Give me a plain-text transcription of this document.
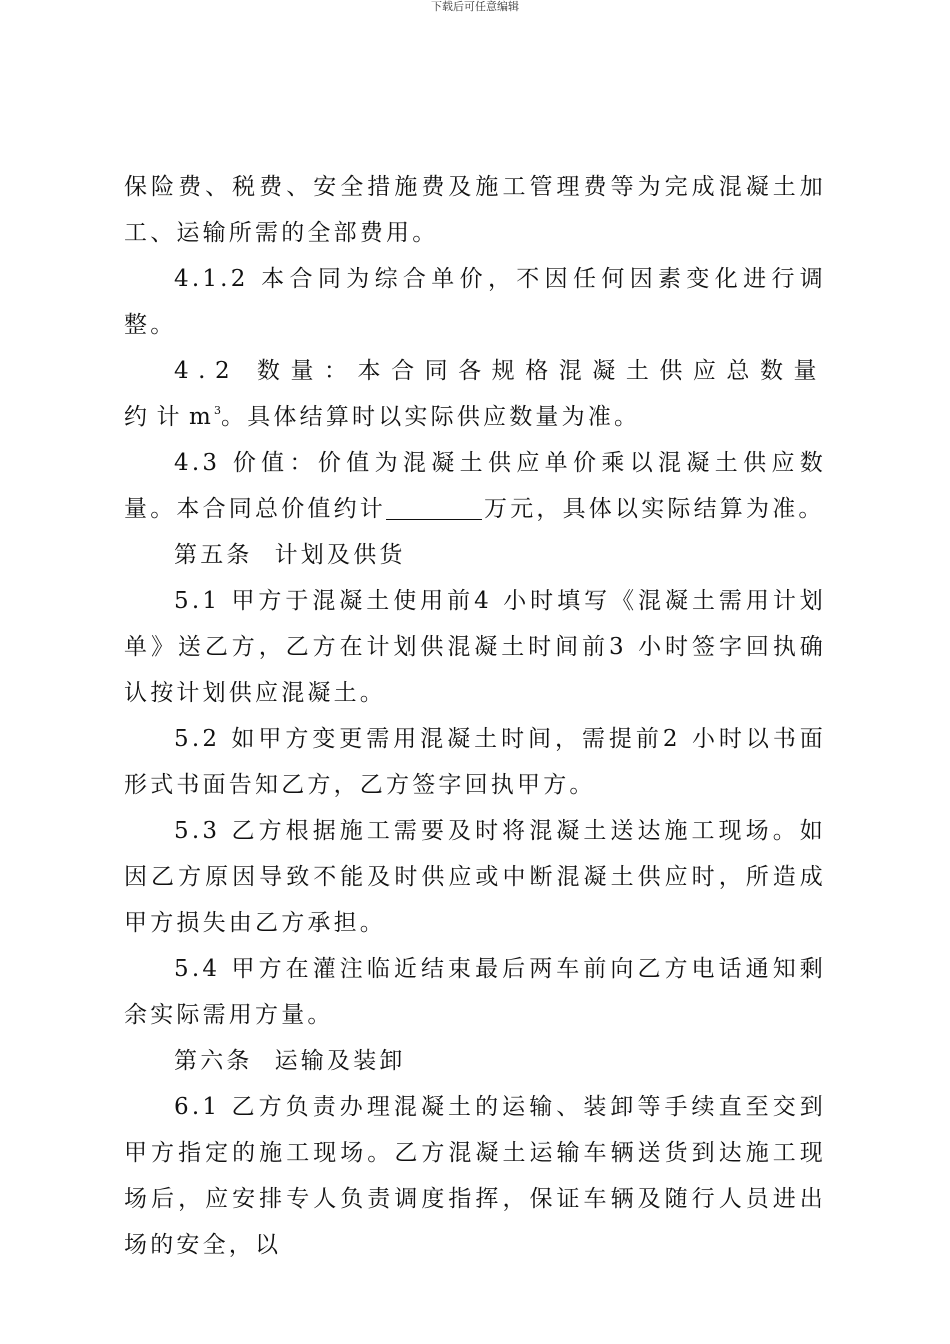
下载后可任意编辑

保险费、税费、安全措施费及施工管理费等为完成混凝土加工、运输所需的全部费用。

4.1.2 本合同为综合单价，不因任何因素变化进行调整。

4.2 数量：本合同各规格混凝土供应总数量约计$m^3$。具体结算时以实际供应数量为准。

4.3 价值：价值为混凝土供应单价乘以混凝土供应数量。本合同总价值约计	万元，具体以实际结算为准。

第五条 计划及供货

5.1 甲方于混凝土使用前4 小时填写《混凝土需用计划单》送乙方，乙方在计划供混凝土时间前3 小时签字回执确认按计划供应混凝土。

5.2 如甲方变更需用混凝土时间，需提前2 小时以书面形式书面告知乙方，乙方签字回执甲方。

5.3 乙方根据施工需要及时将混凝土送达施工现场。如因乙方原因导致不能及时供应或中断混凝土供应时，所造成甲方损失由乙方承担。

5.4 甲方在灌注临近结束最后两车前向乙方电话通知剩余实际需用方量。

第六条 运输及装卸

6.1 乙方负责办理混凝土的运输、装卸等手续直至交到甲方指定的施工现场。乙方混凝土运输车辆送货到达施工现场后，应安排专人负责调度指挥，保证车辆及随行人员进出场的安全，以
